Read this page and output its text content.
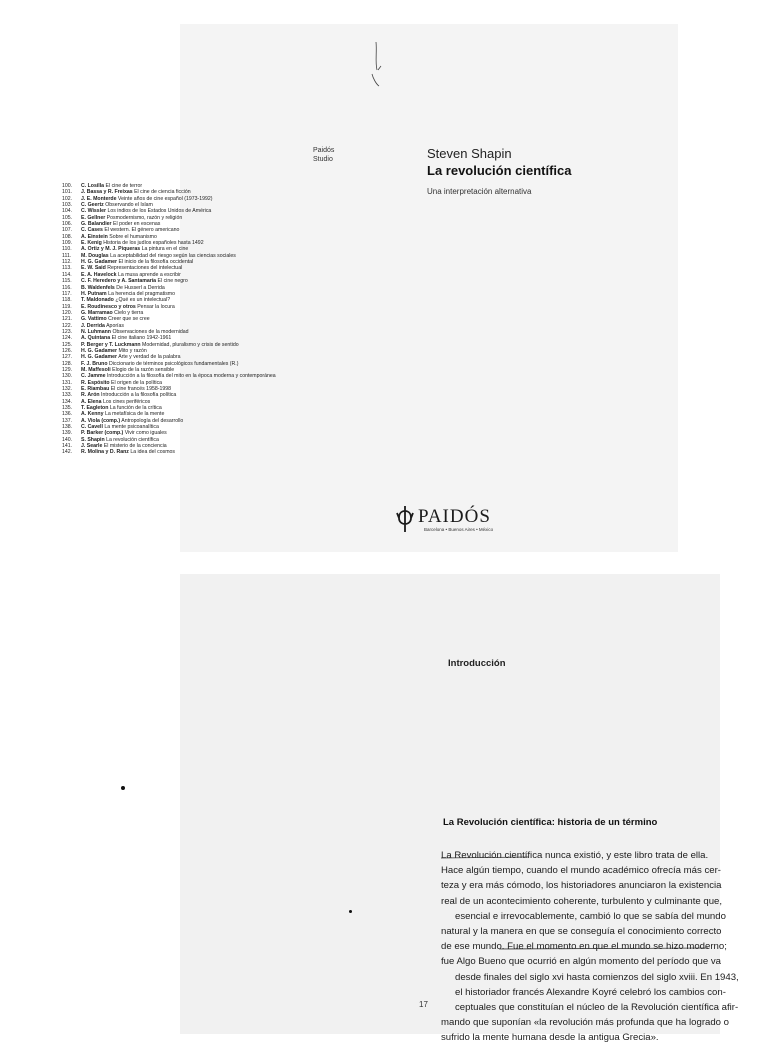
Paidós
Studio	Steven Shapin
La revolución científica
Una interpretación alternativa
100. C. Losilla El cine de terror
101. J. Bassa y R. Freixas El cine de ciencia ficción
102. J. E. Monterde Veinte años de cine español (1973-1992)
103. C. Geertz Observando el Islam
104. C. Wissler Los indios de los Estados Unidos de América
105. E. Gellner Posmodernismo, razón y religión
106. G. Balandier El poder en escenas
107. C. Cases El western. El género americano
108. A. Einstein Sobre el humanismo
109. E. Kenig Historia de los judíos españoles hasta 1492
110. A. Ortiz y M. J. Piqueras La pintura en el cine
111. M. Douglas La aceptabilidad del riesgo según las ciencias sociales
112. H. G. Gadamer El inicio de la filosofía occidental
113. E. W. Said Representaciones del intelectual
114. E. A. Havelock La musa aprende a escribir
115. C. F. Heredero y A. Santamaría El cine negro
116. B. Waldenfels De Husserl a Derrida
117. H. Putnam La herencia del pragmatismo
118. T. Maldonado ¿Qué es un intelectual?
119. E. Roudinesco y otros Pensar la locura
120. G. Marramao Cielo y tierra
121. G. Vattimo Creer que se cree
122. J. Derrida Aporías
123. N. Luhmann Observaciones de la modernidad
124. A. Quintana El cine italiano 1942-1961
125. P. Berger y T. Luckmann Modernidad, pluralismo y crisis de sentido
126. H. G. Gadamer Mito y razón
127. H. G. Gadamer Arte y verdad de la palabra
128. F. J. Bruno Diccionario de términos psicológicos fundamentales (R.)
129. M. Maffesoli Elogio de la razón sensible
130. C. Jamme Introducción a la filosofía del mito en la época moderna y contemporánea
131. R. Espósito El origen de la política
132. E. Riambau El cine francés 1958-1998
133. R. Arón Introducción a la filosofía política
134. A. Elena Los cines periféricos
135. T. Eagleton La función de la crítica
136. A. Kenny La metafísica de la mente
137. A. Viola (comp.) Antropología del desarrollo
138. C. Cavell La mente psicoanalítica
139. P. Barker (comp.) Vivir como iguales
140. S. Shapin La revolución científica
141. J. Searle El misterio de la conciencia
142. R. Molina y D. Ranz La idea del cosmos
PAIDÓS
Barcelona • Buenos Aires • México
Introducción
La Revolución científica: historia de un término
La Revolución científica nunca existió, y este libro trata de ella.
Hace algún tiempo, cuando el mundo académico ofrecía más cer-
teza y era más cómodo, los historiadores anunciaron la existencia
real de un acontecimiento coherente, turbulento y culminante que,
esencial e irrevocablemente, cambió lo que se sabía del mundo
natural y la manera en que se conseguía el conocimiento correcto
de ese mundo. Fue el momento en que el mundo se hizo moderno;
fue Algo Bueno que ocurrió en algún momento del período que va
desde finales del siglo xvi hasta comienzos del siglo xviii. En 1943,
el historiador francés Alexandre Koyré celebró los cambios con-
ceptuales que constituían el núcleo de la Revolución científica afir-
mando que suponían «la revolución más profunda que ha logrado o
sufrido la mente humana desde la antigua Grecia».
17
